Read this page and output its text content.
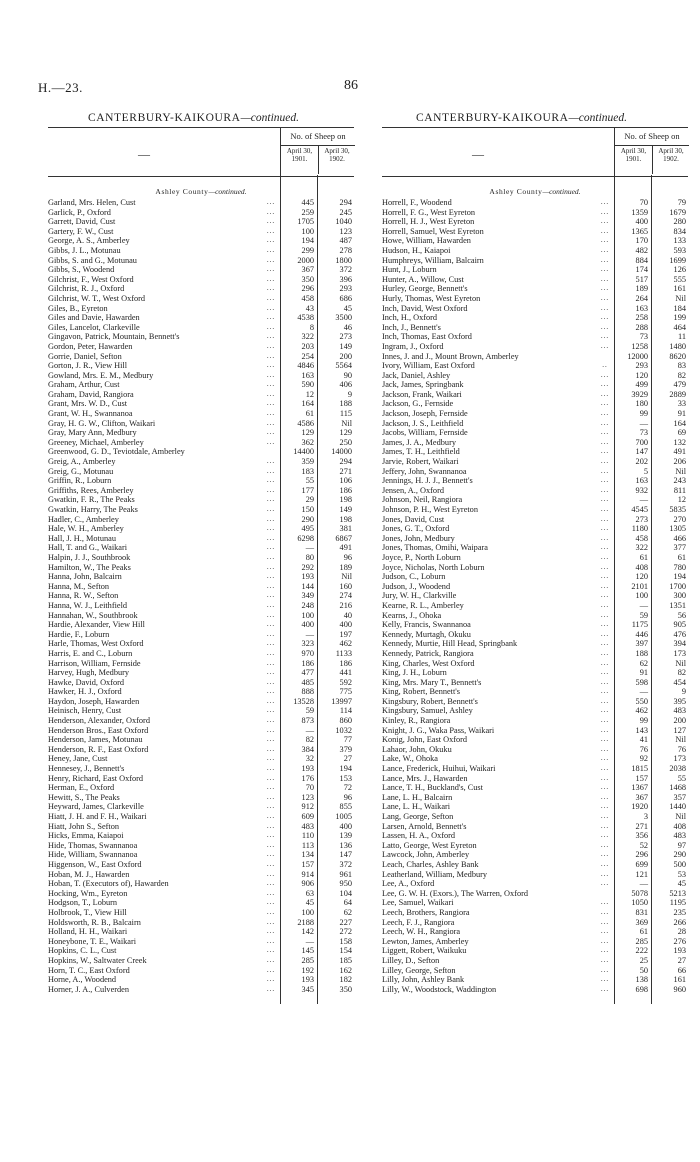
H.—23.	86
CANTERBURY-KAIKOURA—continued.	CANTERBURY-KAIKOURA—continued.
—
No. of Sheep on
April 30, 1901.
April 30, 1902.
Ashley County—continued.
Garland, Mrs. Helen, Cust	...	445	294
Garlick, P., Oxford	...	259	245
Garrett, David, Cust	...	1705	1040
Gartery, F. W., Cust	...	100	123
George, A. S., Amberley	...	194	487
Gibbs, J. L., Motunau	...	299	278
Gibbs, S. and G., Motunau	...	2000	1800
Gibbs, S., Woodend	...	367	372
Gilchrist, F., West Oxford	...	350	396
Gilchrist, R. J., Oxford	...	296	293
Gilchrist, W. T., West Oxford	...	458	686
Giles, B., Eyreton	...	43	45
Giles and Davie, Hawarden	...	4538	3500
Giles, Lancelot, Clarkeville	...	8	46
Gingavon, Patrick, Mountain, Bennett's	...	322	273
Gordon, Peter, Hawarden	...	203	149
Gorrie, Daniel, Sefton	...	254	200
Gorton, J. R., View Hill	...	4846	5564
Gowland, Mrs. E. M., Medbury	...	163	90
Graham, Arthur, Cust	...	590	406
Graham, David, Rangiora	...	12	9
Grant, Mrs. W. D., Cust	...	164	188
Grant, W. H., Swannanoa	...	61	115
Gray, H. G. W., Clifton, Waikari	...	4586	Nil
Gray, Mary Ann, Medbury	...	129	129
Greeney, Michael, Amberley	...	362	250
Greenwood, G. D., Teviotdale, Amberley	14400	14000
Greig, A., Amberley	...	359	294
Greig, G., Motunau	...	183	271
Griffin, R., Loburn	...	55	106
Griffiths, Rees, Amberley	...	177	186
Gwatkin, F. R., The Peaks	...	29	198
Gwatkin, Harry, The Peaks	...	150	149
Hadler, C., Amberley	...	290	198
Hale, W. H., Amberley	...	495	381
Hall, J. H., Motunau	...	6298	6867
Hall, T. and G., Waikari	...	—	491
Halpin, J. J., Southbrook	...	80	96
Hamilton, W., The Peaks	...	292	189
Hanna, John, Balcairn	...	193	Nil
Hanna, M., Sefton	...	144	160
Hanna, R. W., Sefton	...	349	274
Hanna, W. J., Leithfield	...	248	216
Hannahan, W., Southbrook	...	100	40
Hardie, Alexander, View Hill	...	400	400
Hardie, F., Loburn	...	—	197
Harle, Thomas, West Oxford	...	323	462
Harris, E. and C., Loburn	...	970	1133
Harrison, William, Fernside	...	186	186
Harvey, Hugh, Medbury	...	477	441
Hawke, David, Oxford	...	485	592
Hawker, H. J., Oxford	...	888	775
Haydon, Joseph, Hawarden	...	13528	13997
Heinisch, Henry, Cust	...	59	114
Henderson, Alexander, Oxford	...	873	860
Henderson Bros., East Oxford	...	—	1032
Henderson, James, Motunau	...	82	77
Henderson, R. F., East Oxford	...	384	379
Heney, Jane, Cust	...	32	27
Hennesey, J., Bennett's	...	193	194
Henry, Richard, East Oxford	...	176	153
Herman, E., Oxford	...	70	72
Hewitt, S., The Peaks	...	123	96
Heyward, James, Clarkeville	...	912	855
Hiatt, J. H. and F. H., Waikari	...	609	1005
Hiatt, John S., Sefton	...	483	400
Hicks, Emma, Kaiapoi	...	110	139
Hide, Thomas, Swannanoa	...	113	136
Hide, William, Swannanoa	...	134	147
Higgenson, W., East Oxford	...	157	372
Hoban, M. J., Hawarden	...	914	961
Hoban, T. (Executors of), Hawarden	...	906	950
Hocking, Wm., Eyreton	...	63	104
Hodgson, T., Loburn	...	45	64
Holbrook, T., View Hill	...	100	62
Holdsworth, R. B., Balcairn	...	2188	227
Holland, H. H., Waikari	...	142	272
Honeybone, T. E., Waikari	...	—	158
Hopkins, C. L., Cust	...	145	154
Hopkins, W., Saltwater Creek	...	285	185
Horn, T. C., East Oxford	...	192	162
Horne, A., Woodend	...	193	182
Horner, J. A., Culverden	...	345	350
—
No. of Sheep on
April 30, 1901.
April 30, 1902.
Ashley County—continued.
Horrell, F., Woodend	...	70	79
Horrell, F. G., West Eyreton	...	1359	1679
Horrell, H. J., West Eyreton	...	400	280
Horrell, Samuel, West Eyreton	...	1365	834
Howe, William, Hawarden	...	170	133
Hudson, H., Kaiapoi	...	482	593
Humphreys, William, Balcairn	...	884	1699
Hunt, J., Loburn	...	174	126
Hunter, A., Willow, Cust	...	517	555
Hurley, George, Bennett's	...	189	161
Hurly, Thomas, West Eyreton	...	264	Nil
Inch, David, West Oxford	...	163	184
Inch, H., Oxford	...	258	199
Inch, J., Bennett's	...	288	464
Inch, Thomas, East Oxford	...	73	11
Ingram, J., Oxford	...	1258	1480
Innes, J. and J., Mount Brown, Amberley	12000	8620
Ivory, William, East Oxford	..	293	83
Jack, Daniel, Ashley	...	120	82
Jack, James, Springbank	...	499	479
Jackson, Frank, Waikari	...	3929	2889
Jackson, G., Fernside	...	180	33
Jackson, Joseph, Fernside	...	99	91
Jackson, J. S., Leithfield	...	—	164
Jacobs, William, Fernside	...	73	69
James, J. A., Medbury	...	700	132
James, T. H., Leithfield	...	147	491
Jarvie, Robert, Waikari	...	202	206
Jeffery, John, Swannanoa	...	5	Nil
Jennings, H. J. J., Bennett's	...	163	243
Jensen, A., Oxford	...	932	811
Johnson, Neil, Rangiora	...	—	12
Johnson, P. H., West Eyreton	...	4545	5835
Jones, David, Cust	...	273	270
Jones, G. T., Oxford	...	1180	1305
Jones, John, Medbury	...	458	466
Jones, Thomas, Omihi, Waipara	...	322	377
Joyce, P., North Loburn	...	61	61
Joyce, Nicholas, North Loburn	...	408	780
Judson, C., Loburn	...	120	194
Judson, J., Woodend	...	2101	1700
Jury, W. H., Clarkville	...	100	300
Kearne, R. L., Amberley	...	—	1351
Kearns, J., Ohoka	...	59	56
Kelly, Francis, Swannanoa	...	1175	905
Kennedy, Murtagh, Okuku	...	446	476
Kennedy, Murtie, Hill Head, Springbank	...	397	394
Kennedy, Patrick, Rangiora	...	188	173
King, Charles, West Oxford	...	62	Nil
King, J. H., Loburn	...	91	82
King, Mrs. Mary T., Bennett's	...	598	454
King, Robert, Bennett's	...	—	9
Kingsbury, Robert, Bennett's	...	550	395
Kingsbury, Samuel, Ashley	...	462	483
Kinley, R., Rangiora	...	99	200
Knight, J. G., Waka Pass, Waikari	...	143	127
Konig, John, East Oxford	...	41	Nil
Lahaor, John, Okuku	...	76	76
Lake, W., Ohoka	...	92	173
Lance, Frederick, Huihui, Waikari	...	1815	2038
Lance, Mrs. J., Hawarden	...	157	55
Lance, T. H., Buckland's, Cust	...	1367	1468
Lane, L. H., Balcairn	...	367	357
Lane, L. H., Waikari	...	1920	1440
Lang, George, Sefton	...	3	Nil
Larsen, Arnold, Bennett's	...	271	408
Lassen, H. A., Oxford	...	356	483
Latto, George, West Eyreton	...	52	97
Lawcock, John, Amberley	...	296	290
Leach, Charles, Ashley Bank	...	699	500
Leatherland, William, Medbury	...	121	53
Lee, A., Oxford	...	—	45
Lee, G. W. H. (Exors.), The Warren, Oxford	5078	5213
Lee, Samuel, Waikari	...	1050	1195
Leech, Brothers, Rangiora	...	831	235
Leech, F. J., Rangiora	...	369	266
Leech, W. H., Rangiora	...	61	28
Lewton, James, Amberley	...	285	276
Liggett, Robert, Waikuku	...	222	193
Lilley, D., Sefton	...	25	27
Lilley, George, Sefton	...	50	66
Lilly, John, Ashley Bank	...	138	161
Lilly, W., Woodstock, Waddington	...	698	960
